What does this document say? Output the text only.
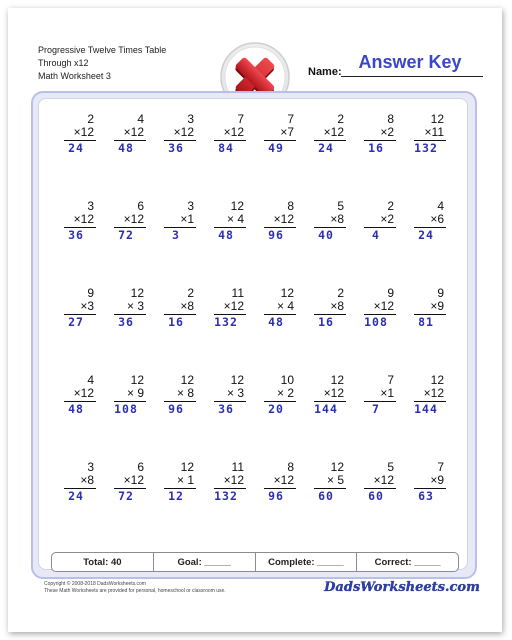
Progressive Twelve Times Table
Through x12
Math Worksheet 3	Name: Answer Key
2
×12
24
4
×12
48
3
×12
36
7
×12
84
7
×7
49
2
×12
24
8
×2
16
12
×11
132
3
×12
36
6
×12
72
3
×1
3
12
× 4
48
8
×12
96
5
×8
40
2
×2
4
4
×6
24
9
×3
27
12
× 3
36
2
×8
16
11
×12
132
12
× 4
48
2
×8
16
9
×12
108
9
×9
81
4
×12
48
12
× 9
108
12
× 8
96
12
× 3
36
10
× 2
20
12
×12
144
7
×1
7
12
×12
144
3
×8
24
6
×12
72
12
× 1
12
11
×12
132
8
×12
96
12
× 5
60
5
×12
60
7
×9
63
Total: 40	Goal: _____	Complete: _____	Correct: _____
Copyright © 2008-2018 DadsWorksheets.com
These Math Worksheets are provided for personal, homeschool or classroom use.	DadsWorksheets.com
